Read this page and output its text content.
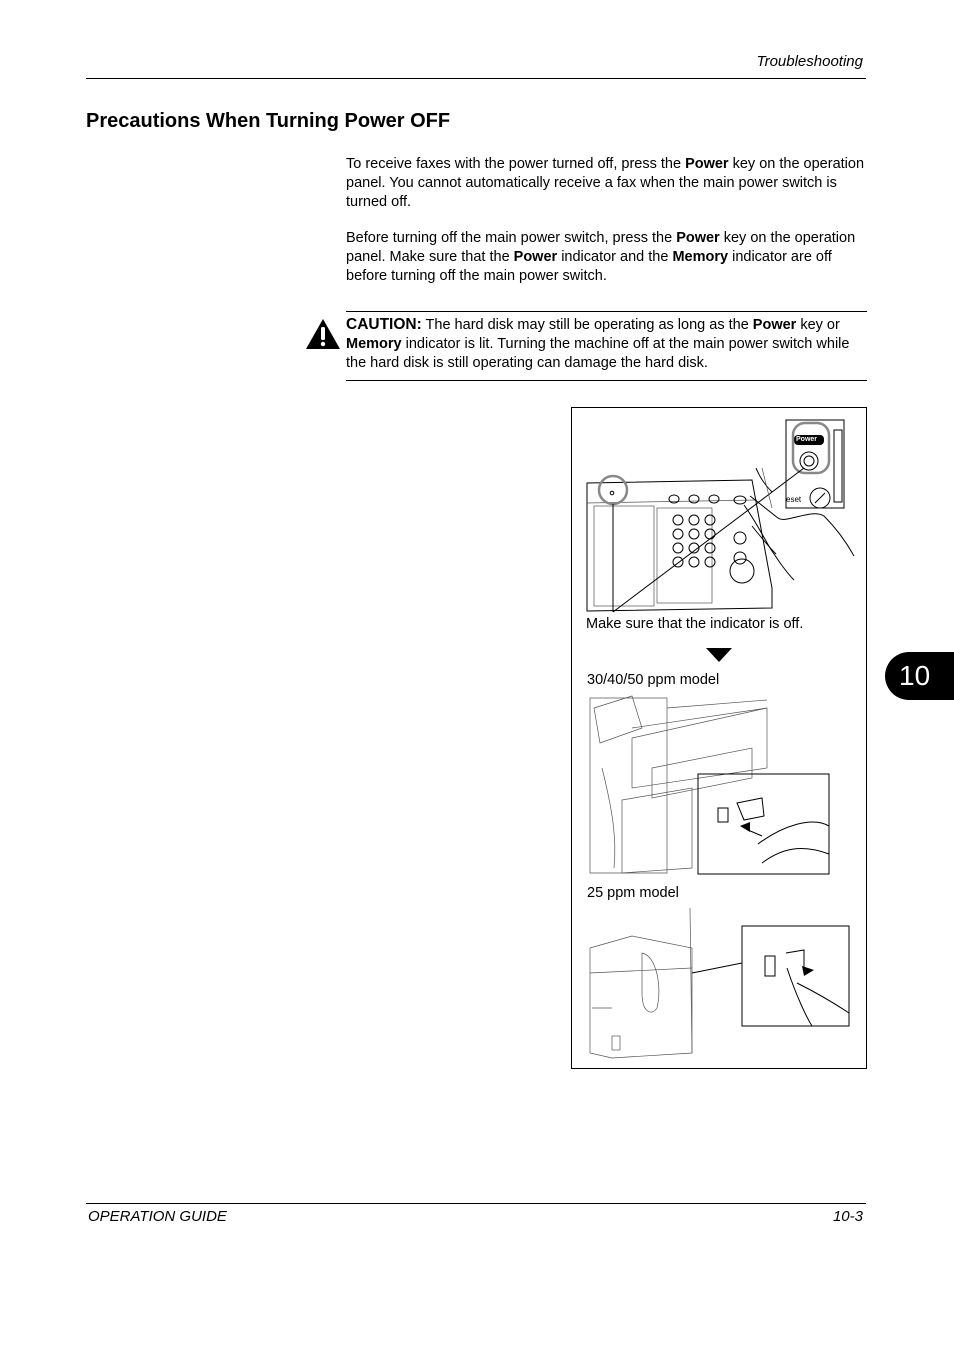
Troubleshooting
Precautions When Turning Power OFF
To receive faxes with the power turned off, press the Power key on the operation panel. You cannot automatically receive a fax when the main power switch is turned off.
Before turning off the main power switch, press the Power key on the operation panel. Make sure that the Power indicator and the Memory indicator are off before turning off the main power switch.
CAUTION: The hard disk may still be operating as long as the Power key or Memory indicator is lit. Turning the machine off at the main power switch while the hard disk is still operating can damage the hard disk.
Power
eset
Make sure that the indicator is off.
30/40/50 ppm model
25 ppm model
10
OPERATION GUIDE	10-3
